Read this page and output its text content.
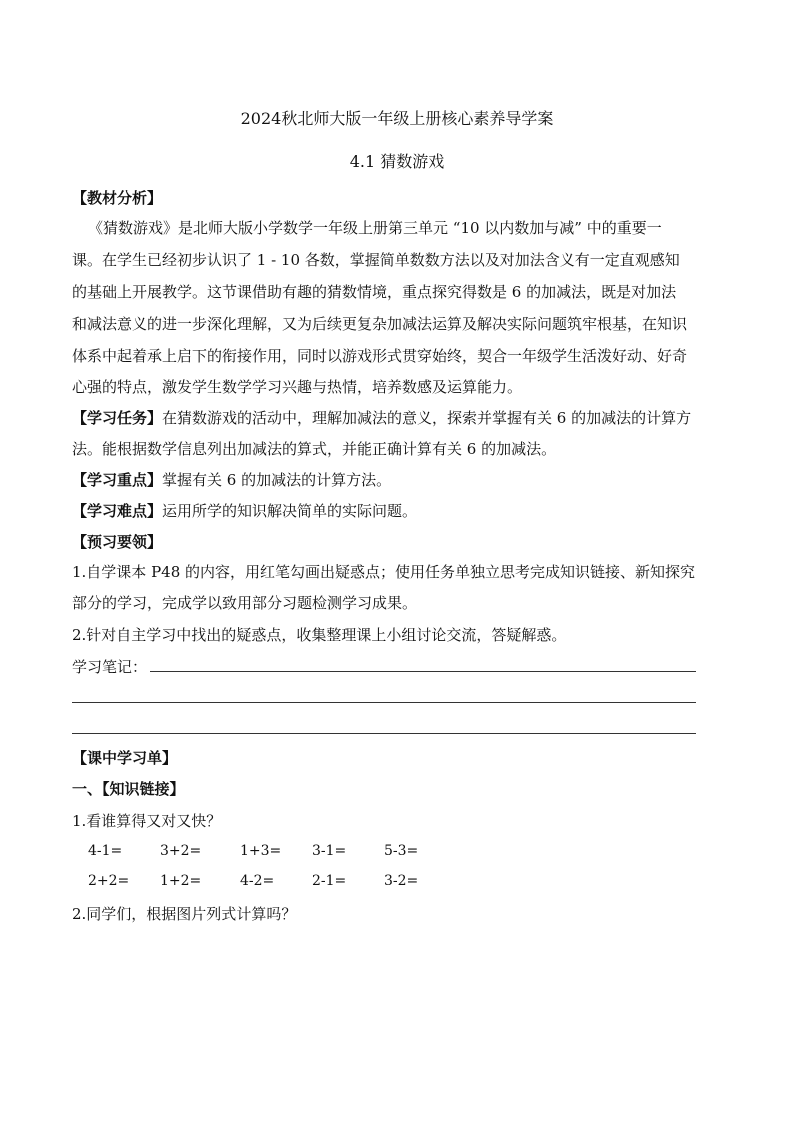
2024秋北师大版一年级上册核心素养导学案
4.1 猜数游戏
【教材分析】
《猜数游戏》是北师大版小学数学一年级上册第三单元 “10 以内数加与减” 中的重要一
课。在学生已经初步认识了 1 - 10 各数，掌握简单数数方法以及对加法含义有一定直观感知
的基础上开展教学。这节课借助有趣的猜数情境，重点探究得数是 6 的加减法，既是对加法
和减法意义的进一步深化理解，又为后续更复杂加减法运算及解决实际问题筑牢根基，在知识
体系中起着承上启下的衔接作用，同时以游戏形式贯穿始终，契合一年级学生活泼好动、好奇
心强的特点，激发学生数学学习兴趣与热情，培养数感及运算能力。
【学习任务】在猜数游戏的活动中，理解加减法的意义，探索并掌握有关 6 的加减法的计算方
法。能根据数学信息列出加减法的算式，并能正确计算有关 6 的加减法。
【学习重点】掌握有关 6 的加减法的计算方法。
【学习难点】运用所学的知识解决简单的实际问题。
【预习要领】
1.自学课本 P48 的内容，用红笔勾画出疑惑点；使用任务单独立思考完成知识链接、新知探究
部分的学习，完成学以致用部分习题检测学习成果。
2.针对自主学习中找出的疑惑点，收集整理课上小组讨论交流，答疑解惑。
学习笔记：
【课中学习单】
一、【知识链接】
1.看谁算得又对又快？
4-1=	3+2=	1+3= 3-1=	5-3=
2+2= 1+2=	4-2=	2-1=	3-2=
2.同学们，根据图片列式计算吗？
